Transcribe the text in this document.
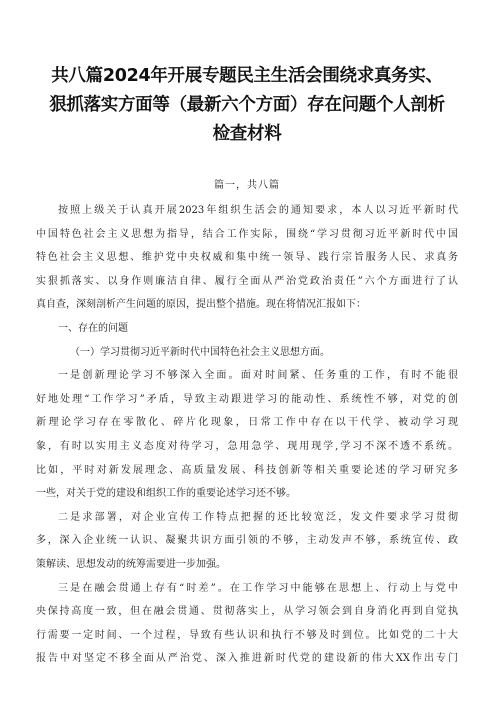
共八篇2024年开展专题民主生活会围绕求真务实、
狠抓落实方面等（最新六个方面）存在问题个人剖析
检查材料
篇一，共八篇
按照上级关于认真开展2023年组织生活会的通知要求，本人以习近平新时代
中国特色社会主义思想为指导，结合工作实际，围绕“学习贯彻习近平新时代中国
特色社会主义思想、维护党中央权威和集中统一领导、践行宗旨服务人民、求真务
实狠抓落实、以身作则廉洁自律、履行全面从严治党政治责任”六个方面进行了认
真自查，深刻剖析产生问题的原因，提出整个措施。现在将情况汇报如下：
一、存在的问题
（一）学习贯彻习近平新时代中国特色社会主义思想方面。
一是创新理论学习不够深入全面。面对时间紧、任务重的工作，有时不能很
好地处理“工作学习”矛盾，导致主动跟进学习的能动性、系统性不够，对党的创
新理论学习存在零散化、碎片化现象，日常工作中存在以干代学、被动学习现
象，有时以实用主义态度对待学习，急用急学、现用现学,学习不深不透不系统。
比如，平时对新发展理念、高质量发展、科技创新等相关重要论述的学习研究多
一些，对关于党的建设和组织工作的重要论述学习还不够。
二是求部署，对企业宣传工作特点把握的还比较宽泛，发文件要求学习贯彻
多，深入企业统一认识、凝聚共识方面引领的不够，主动发声不够，系统宣传、政
策解读、思想发动的统筹需要进一步加强。
三是在融会贯通上存有“时差”。在工作学习中能够在思想上、行动上与党中
央保持高度一致，但在融会贯通、贯彻落实上，从学习领会到自身消化再到自觉执
行需要一定时间、一个过程，导致有些认识和执行不够及时到位。比如党的二十大
报告中对坚定不移全面从严治党、深入推进新时代党的建设新的伟大XX作出专门
